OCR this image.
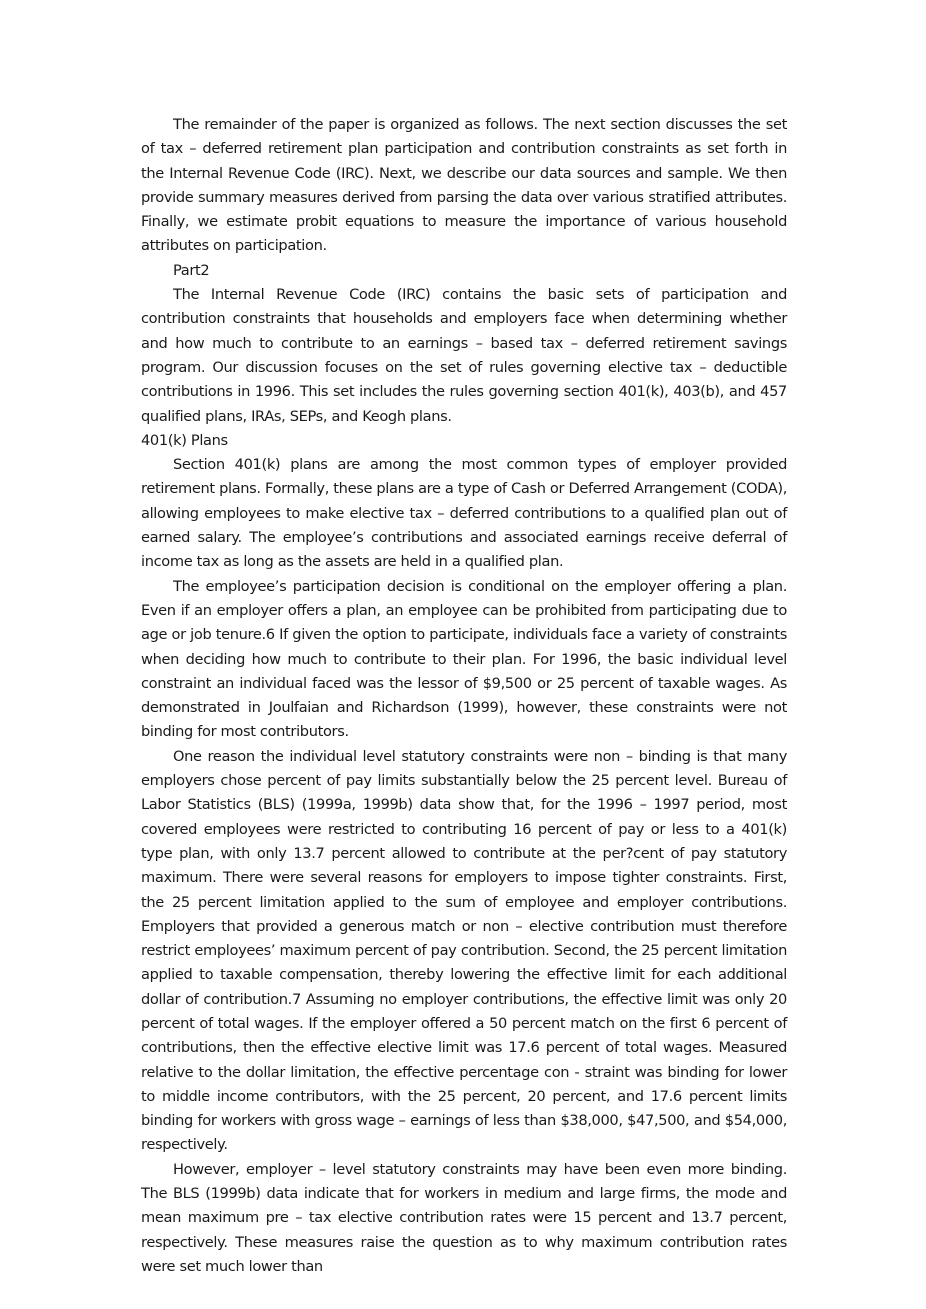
The remainder of the paper is organized as follows. The next section discusses the set of tax – deferred retirement plan participation and contribution constraints as set forth in the Internal Revenue Code (IRC). Next, we describe our data sources and sample. We then provide summary measures derived from parsing the data over various stratified attributes. Finally, we estimate probit equations to measure the importance of various household attributes on participation.

Part2

The Internal Revenue Code (IRC) contains the basic sets of participation and contribution constraints that households and employers face when determining whether and how much to contribute to an earnings – based tax – deferred retirement savings program. Our discussion focuses on the set of rules governing elective tax – deductible contributions in 1996. This set includes the rules governing section 401(k), 403(b), and 457 qualified plans, IRAs, SEPs, and Keogh plans.

401(k) Plans

Section 401(k) plans are among the most common types of employer provided retirement plans. Formally, these plans are a type of Cash or Deferred Arrangement (CODA), allowing employees to make elective tax – deferred contributions to a qualified plan out of earned salary. The employee’s contributions and associated earnings receive deferral of income tax as long as the assets are held in a qualified plan.

The employee’s participation decision is conditional on the employer offering a plan. Even if an employer offers a plan, an employee can be prohibited from participating due to age or job tenure.6 If given the option to participate, individuals face a variety of constraints when deciding how much to contribute to their plan. For 1996, the basic individual level constraint an individual faced was the lessor of $9,500 or 25 percent of taxable wages. As demonstrated in Joulfaian and Richardson (1999), however, these constraints were not binding for most contributors.

One reason the individual level statutory constraints were non – binding is that many employers chose percent of pay limits substantially below the 25 percent level. Bureau of Labor Statistics (BLS) (1999a, 1999b) data show that, for the 1996 – 1997 period, most covered employees were restricted to contributing 16 percent of pay or less to a 401(k) type plan, with only 13.7 percent allowed to contribute at the per?cent of pay statutory maximum. There were several reasons for employers to impose tighter constraints. First, the 25 percent limitation applied to the sum of employee and employer contributions. Employers that provided a generous match or non – elective contribution must therefore restrict employees’ maximum percent of pay contribution. Second, the 25 percent limitation applied to taxable compensation, thereby lowering the effective limit for each additional dollar of contribution.7 Assuming no employer contributions, the effective limit was only 20 percent of total wages. If the employer offered a 50 percent match on the first 6 percent of contributions, then the effective elective limit was 17.6 percent of total wages. Measured relative to the dollar limitation, the effective percentage con - straint was binding for lower to middle income contributors, with the 25 percent, 20 percent, and 17.6 percent limits binding for workers with gross wage – earnings of less than $38,000, $47,500, and $54,000, respectively.

However, employer – level statutory constraints may have been even more binding. The BLS (1999b) data indicate that for workers in medium and large firms, the mode and mean maximum pre – tax elective contribution rates were 15 percent and 13.7 percent, respectively. These measures raise the question as to why maximum contribution rates were set much lower than
